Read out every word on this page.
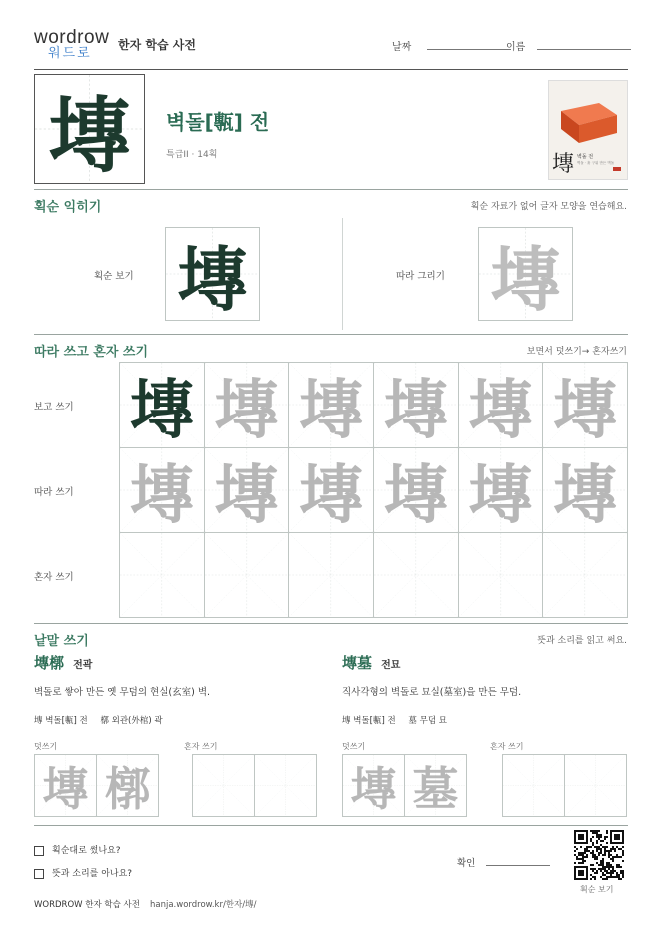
wordrow
워드로
한자 학습 사전	날짜	이름
塼	벽돌[甎] 전
특급II · 14획	塼 벽돌 전
벽돌 · 흙 구워 만든 벽돌
획순 익히기	획순 자료가 없어 글자 모양을 연습해요.
획순 보기 塼	따라 그리기 塼
따라 쓰고 혼자 쓰기	보면서 덧쓰기→ 혼자쓰기
보고 쓰기
따라 쓰기
혼자 쓰기
塼 塼 塼 塼 塼 塼
塼 塼 塼 塼 塼 塼
낱말 쓰기	뜻과 소리를 읽고 써요.
塼槨 전곽
벽돌로 쌓아 만든 옛 무덤의 현실(玄室) 벽.
塼 벽돌[甎] 전 槨 외관(外棺) 곽
덧쓰기	혼자 쓰기
塼墓 전묘
직사각형의 벽돌로 묘실(墓室)을 만든 무덤.
塼 벽돌[甎] 전 墓 무덤 묘
덧쓰기	혼자 쓰기
塼 槨	塼 墓
획순대로 썼나요?
뜻과 소리를 아나요?
확인
획순 보기
WORDROW 한자 학습 사전 hanja.wordrow.kr/한자/塼/
